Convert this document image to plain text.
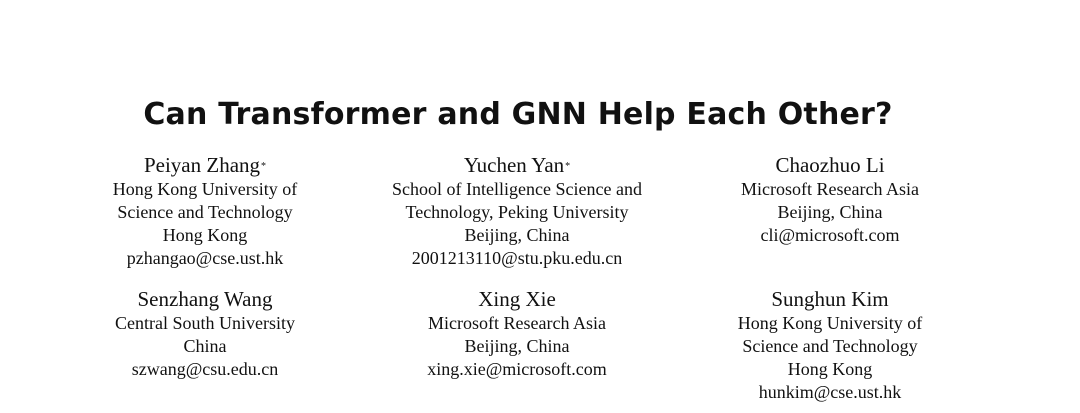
Can Transformer and GNN Help Each Other?
Peiyan Zhang*
Hong Kong University of
Science and Technology
Hong Kong
pzhangao@cse.ust.hk
Yuchen Yan*
School of Intelligence Science and
Technology, Peking University
Beijing, China
2001213110@stu.pku.edu.cn
Chaozhuo Li
Microsoft Research Asia
Beijing, China
cli@microsoft.com
Senzhang Wang
Central South University
China
szwang@csu.edu.cn
Xing Xie
Microsoft Research Asia
Beijing, China
xing.xie@microsoft.com
Sunghun Kim
Hong Kong University of
Science and Technology
Hong Kong
hunkim@cse.ust.hk
